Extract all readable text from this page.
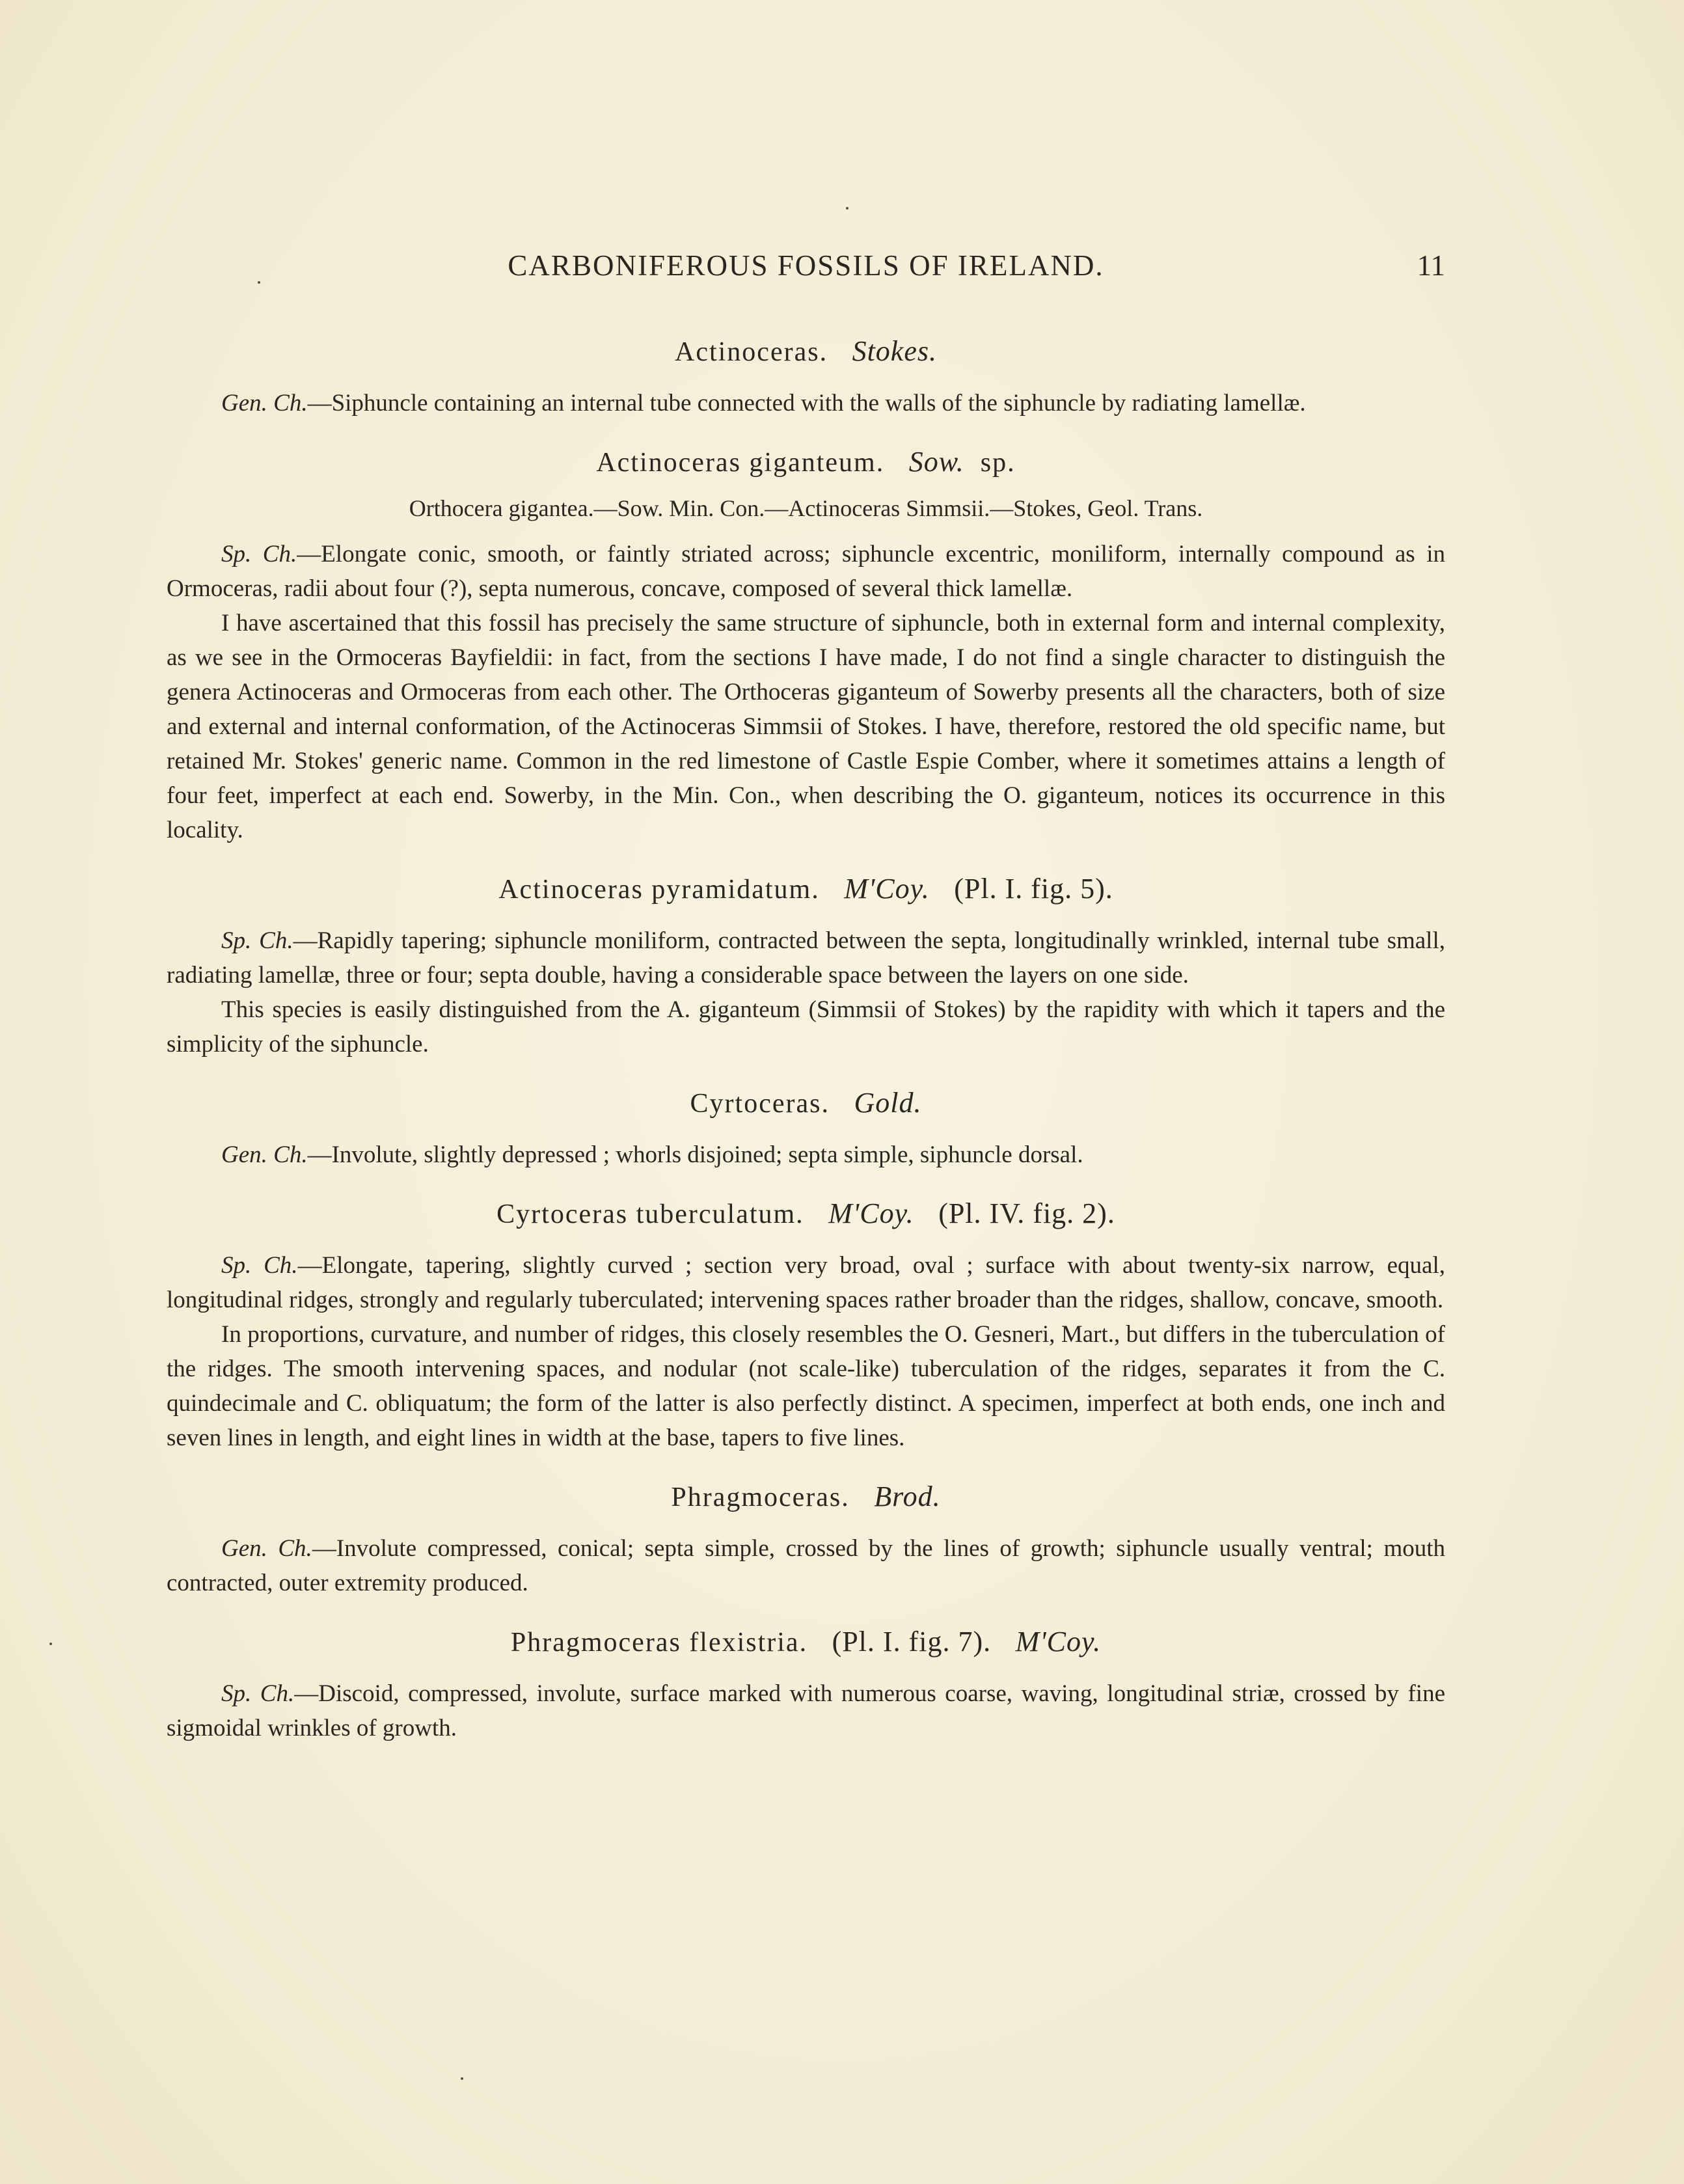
CARBONIFEROUS FOSSILS OF IRELAND.	11

Actinoceras. Stokes.

Gen. Ch.—Siphuncle containing an internal tube connected with the walls of the siphuncle by radiating lamellæ.

Actinoceras giganteum. Sow. sp.

Orthocera gigantea.—Sow. Min. Con.—Actinoceras Simmsii.—Stokes, Geol. Trans.

Sp. Ch.—Elongate conic, smooth, or faintly striated across; siphuncle excentric, moniliform, internally compound as in Ormoceras, radii about four (?), septa numerous, concave, composed of several thick lamellæ.

I have ascertained that this fossil has precisely the same structure of siphuncle, both in external form and internal complexity, as we see in the Ormoceras Bayfieldii: in fact, from the sections I have made, I do not find a single character to distinguish the genera Actinoceras and Ormoceras from each other. The Orthoceras giganteum of Sowerby presents all the characters, both of size and external and internal conformation, of the Actinoceras Simmsii of Stokes. I have, therefore, restored the old specific name, but retained Mr. Stokes' generic name. Common in the red limestone of Castle Espie Comber, where it sometimes attains a length of four feet, imperfect at each end. Sowerby, in the Min. Con., when describing the O. giganteum, notices its occurrence in this locality.

Actinoceras pyramidatum. M'Coy. (Pl. I. fig. 5).

Sp. Ch.—Rapidly tapering; siphuncle moniliform, contracted between the septa, longitudinally wrinkled, internal tube small, radiating lamellæ, three or four; septa double, having a considerable space between the layers on one side.

This species is easily distinguished from the A. giganteum (Simmsii of Stokes) by the rapidity with which it tapers and the simplicity of the siphuncle.

Cyrtoceras. Gold.

Gen. Ch.—Involute, slightly depressed ; whorls disjoined; septa simple, siphuncle dorsal.

Cyrtoceras tuberculatum. M'Coy. (Pl. IV. fig. 2).

Sp. Ch.—Elongate, tapering, slightly curved ; section very broad, oval ; surface with about twenty-six narrow, equal, longitudinal ridges, strongly and regularly tuberculated; intervening spaces rather broader than the ridges, shallow, concave, smooth.

In proportions, curvature, and number of ridges, this closely resembles the O. Gesneri, Mart., but differs in the tuberculation of the ridges. The smooth intervening spaces, and nodular (not scale-like) tuberculation of the ridges, separates it from the C. quindecimale and C. obliquatum; the form of the latter is also perfectly distinct. A specimen, imperfect at both ends, one inch and seven lines in length, and eight lines in width at the base, tapers to five lines.

Phragmoceras. Brod.

Gen. Ch.—Involute compressed, conical; septa simple, crossed by the lines of growth; siphuncle usually ventral; mouth contracted, outer extremity produced.

Phragmoceras flexistria. (Pl. I. fig. 7). M'Coy.

Sp. Ch.—Discoid, compressed, involute, surface marked with numerous coarse, waving, longitudinal striæ, crossed by fine sigmoidal wrinkles of growth.
